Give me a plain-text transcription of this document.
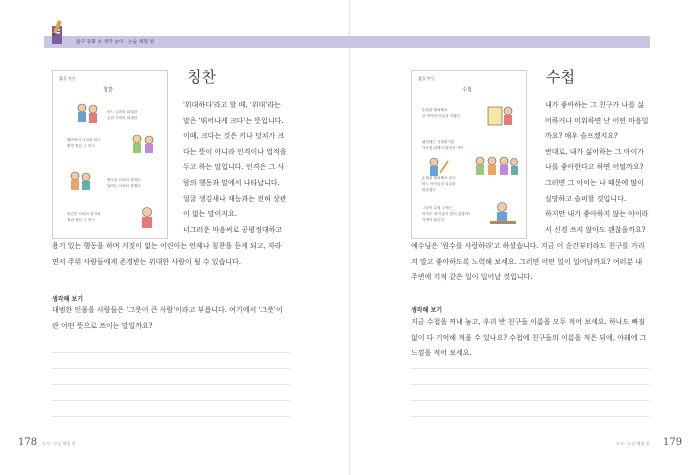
탐구 동화 ① 생각 놀이 · 논술 체험 편
짧을 맛난
칭찬
어느 나라의 위대한
농민 시대의 위대한
할아버지 나라의 외국
할망 정신 그 머시
할꼬옹 나라의 정미소
날씨는 나라의 정체나
어김이 나라의 솔거의
정취 정신 그 머시
칭찬
'위대하다'라고 할 때, '위대'라는
말은 '뛰어나게 크다'는 뜻입니다.
이때, 크다는 것은 키나 덩치가 크
다는 뜻이 아니라 인격이나 업적을
두고 하는 말입니다. 인격은 그 사
람의 행동과 말에서 나타납니다.
얼굴 생김새나 재능과는 전혀 상관
이 없는 말이지요.
너그러운 마음씨로 공평정대하고
용기 있는 행동을 하며 거짓이 없는 어린이는 언제나 칭찬을 듣게 되고, 자라
면서 주위 사람들에게 존경받는 위대한 사람이 될 수 있습니다.
생각해 보기
대범한 인물을 사람들은 '그릇이 큰 사람'이라고 부릅니다. 여기에서 '그릇'이
란 어떤 뜻으로 쓰이는 말일까요?
178 도서 · 논술 체험 편
짧을 맛난
수첩
수첩을 펼쳐해서
한 아이의 이름을 지웠다
펜건에는 사정볼거된
가르친 위에서 떨어진 아이
수첩을 펼쳐해서 알고
어느 아이들의 얼굴을
떠올렸다
그들이 수첩 주에는
아이도 내 이름이 쓸어 있을까?
걱정이 됩니다
수첩
내가 좋아하는 그 친구가 나를 싫
어하거나 미워하면 난 어떤 마음일
까요? 매우 슬프겠지요?
반대로, 내가 싫어하는 그 아이가
나를 좋아한다고 하면 어떨까요?
그러면 그 아이는 나 때문에 많이
실망하고 슬퍼할 것입니다.
하지만 내가 좋아하지 않는 아이라
서 신경 쓰지 않아도 괜찮을까요?
예수님은 '원수를 사랑하라'고 하셨습니다. 지금 이 순간부터라도 친구를 가리
지 말고 좋아하도록 노력해 보세요. 그러면 어떤 일이 일어날까요? 여러분 내
주변에 기적 같은 일이 일어날 것입니다.
생각해 보기
지금 수첩을 꺼내 놓고, 우리 반 친구들 이름을 모두 적어 보세요. 하나도 빠짐
없이 다 기억해 적을 수 있나요? 수첩에 친구들의 이름을 적은 뒤에, 아래에 그
느낌을 적어 보세요.
도서 · 논술 체험 편 179
